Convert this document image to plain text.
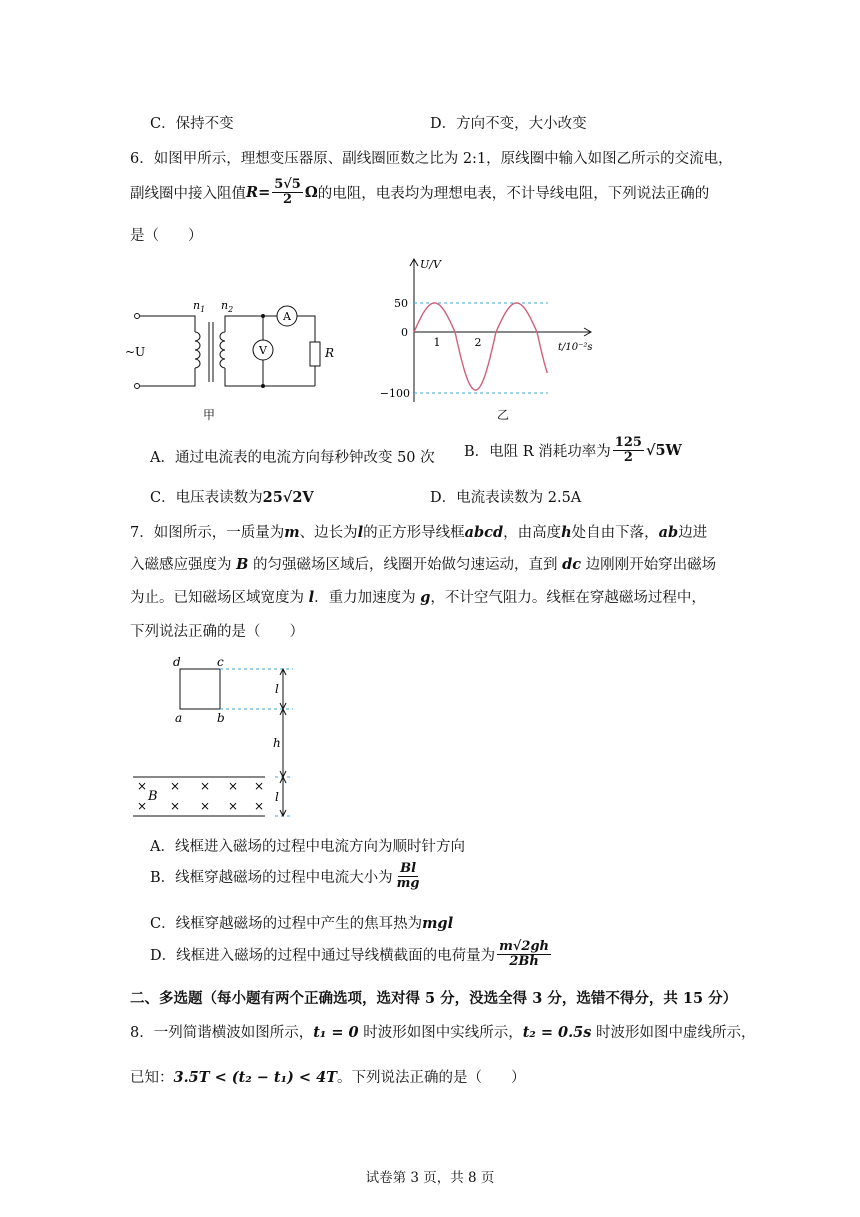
C．保持不变	D．方向不变，大小改变
6．如图甲所示，理想变压器原、副线圈匝数之比为 2:1，原线圈中输入如图乙所示的交流电，
副线圈中接入阻值 $R = \frac{5√5}{2}$ Ω 的电阻，电表均为理想电表，不计导线电阻，下列说法正确的
是（　　）
A
V	R
~U
$n_1$ $n_2$
甲
50
0
−100
1	2
U/V
t/10⁻²s
乙
A．通过电流表的电流方向每秒钟改变 50 次 B．电阻 R 消耗功率为 $\frac{125}{2} √5W$
C．电压表读数为25√2V	D．电流表读数为 2.5A
7．如图所示，一质量为m、边长为l的正方形导线框abcd，由高度h处自由下落，ab边进
入磁感应强度为 B 的匀强磁场区域后，线圈开始做匀速运动，直到 dc 边刚刚开始穿出磁场
为止。已知磁场区域宽度为 l．重力加速度为 g，不计空气阻力。线框在穿越磁场过程中，
下列说法正确的是（　　）
d	c
a	b
l
h
l
B
× × × × ×
× × × ×
×
A．线框进入磁场的过程中电流方向为顺时针方向
B．线框穿越磁场的过程中电流大小为 $\frac{Bl}{mg}$
C．线框穿越磁场的过程中产生的焦耳热为mgl
D．线框进入磁场的过程中通过导线横截面的电荷量为 $\frac{m√2gh}{2Bh}$
二、多选题（每小题有两个正确选项，选对得 5 分，没选全得 3 分，选错不得分，共 15 分）
8．一列简谐横波如图所示，t₁ = 0 时波形如图中实线所示，t₂ = 0.5s 时波形如图中虚线所示，
已知：3.5T < (t₂ − t₁) < 4T。下列说法正确的是（　　）
试卷第 3 页，共 8 页
